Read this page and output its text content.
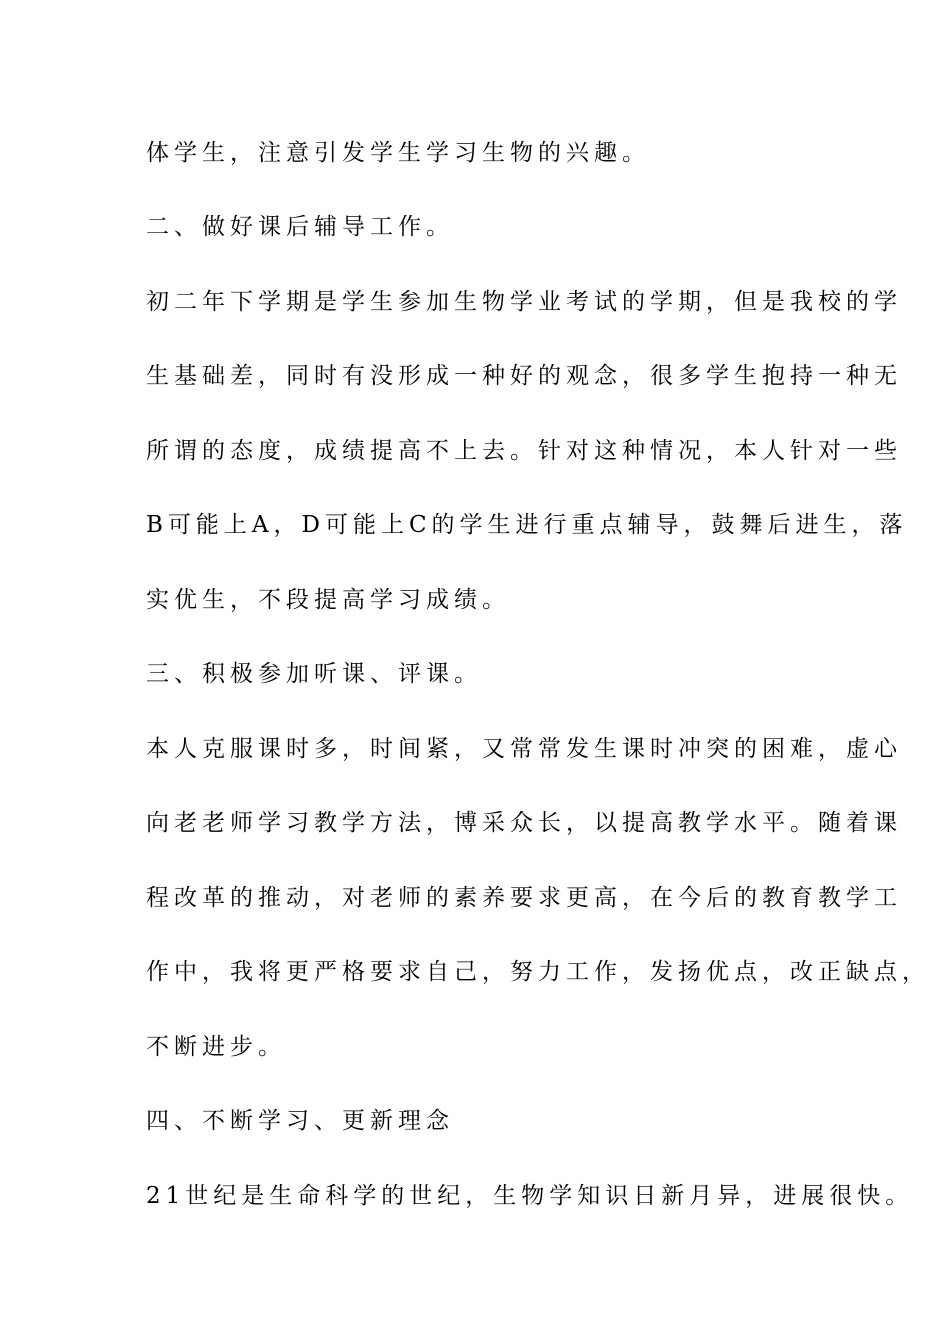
体学生，注意引发学生学习生物的兴趣。
二、做好课后辅导工作。
初二年下学期是学生参加生物学业考试的学期，但是我校的学
生基础差，同时有没形成一种好的观念，很多学生抱持一种无
所谓的态度，成绩提高不上去。针对这种情况，本人针对一些
B可能上A，D可能上C的学生进行重点辅导，鼓舞后进生，落
实优生，不段提高学习成绩。
三、积极参加听课、评课。
本人克服课时多，时间紧，又常常发生课时冲突的困难，虚心
向老老师学习教学方法，博采众长，以提高教学水平。随着课
程改革的推动，对老师的素养要求更高，在今后的教育教学工
作中，我将更严格要求自己，努力工作，发扬优点，改正缺点，
不断进步。
四、不断学习、更新理念
21世纪是生命科学的世纪，生物学知识日新月异，进展很快。
